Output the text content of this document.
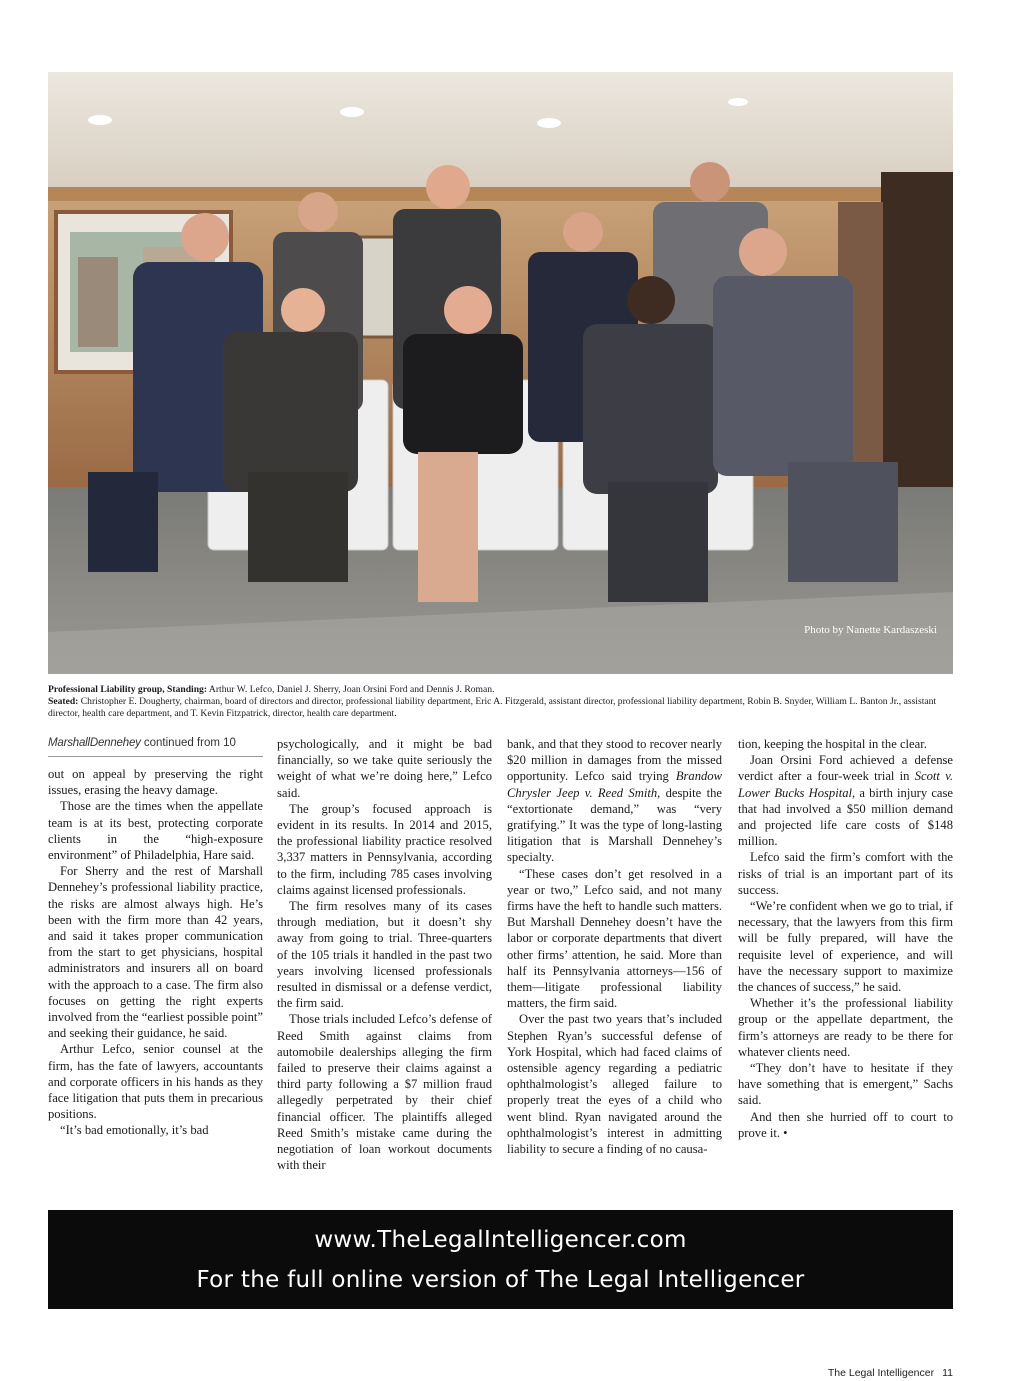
Photo by Nanette Kardaszeski

Professional Liability group, Standing: Arthur W. Lefco, Daniel J. Sherry, Joan Orsini Ford and Dennis J. Roman.

Seated: Christopher E. Dougherty, chairman, board of directors and director, professional liability department, Eric A. Fitzgerald, assistant director, professional liability department, Robin B. Snyder, William L. Banton Jr., assistant director, health care department, and T. Kevin Fitzpatrick, director, health care department.

MarshallDennehey continued from 10

out on appeal by preserving the right issues, erasing the heavy damage.

Those are the times when the appellate team is at its best, protecting corporate clients in the “high-exposure environment” of Philadelphia, Hare said.

For Sherry and the rest of Marshall Dennehey’s professional liability practice, the risks are almost always high. He’s been with the firm more than 42 years, and said it takes proper communication from the start to get physicians, hospital administrators and insurers all on board with the approach to a case. The firm also focuses on getting the right experts involved from the “earliest possible point” and seeking their guidance, he said.

Arthur Lefco, senior counsel at the firm, has the fate of lawyers, accountants and corporate officers in his hands as they face litigation that puts them in precarious positions.

“It’s bad emotionally, it’s bad

psychologically, and it might be bad financially, so we take quite seriously the weight of what we’re doing here,” Lefco said.

The group’s focused approach is evident in its results. In 2014 and 2015, the professional liability practice resolved 3,337 matters in Pennsylvania, according to the firm, including 785 cases involving claims against licensed professionals.

The firm resolves many of its cases through mediation, but it doesn’t shy away from going to trial. Three-quarters of the 105 trials it handled in the past two years involving licensed professionals resulted in dismissal or a defense verdict, the firm said.

Those trials included Lefco’s defense of Reed Smith against claims from automobile dealerships alleging the firm failed to preserve their claims against a third party following a $7 million fraud allegedly perpetrated by their chief financial officer. The plaintiffs alleged Reed Smith’s mistake came during the negotiation of loan workout documents with their

bank, and that they stood to recover nearly $20 million in damages from the missed opportunity. Lefco said trying Brandow Chrysler Jeep v. Reed Smith, despite the “extortionate demand,” was “very gratifying.” It was the type of long-lasting litigation that is Marshall Dennehey’s specialty.

“These cases don’t get resolved in a year or two,” Lefco said, and not many firms have the heft to handle such matters. But Marshall Dennehey doesn’t have the labor or corporate departments that divert other firms’ attention, he said. More than half its Pennsylvania attorneys—156 of them—litigate professional liability matters, the firm said.

Over the past two years that’s included Stephen Ryan’s successful defense of York Hospital, which had faced claims of ostensible agency regarding a pediatric ophthalmologist’s alleged failure to properly treat the eyes of a child who went blind. Ryan navigated around the ophthalmologist’s interest in admitting liability to secure a finding of no causa-

tion, keeping the hospital in the clear.

Joan Orsini Ford achieved a defense verdict after a four-week trial in Scott v. Lower Bucks Hospital, a birth injury case that had involved a $50 million demand and projected life care costs of $148 million.

Lefco said the firm’s comfort with the risks of trial is an important part of its success.

“We’re confident when we go to trial, if necessary, that the lawyers from this firm will be fully prepared, will have the requisite level of experience, and will have the necessary support to maximize the chances of success,” he said.

Whether it’s the professional liability group or the appellate department, the firm’s attorneys are ready to be there for whatever clients need.

“They don’t have to hesitate if they have something that is emergent,” Sachs said.

And then she hurried off to court to prove it. •

www.TheLegalIntelligencer.com
For the full online version of The Legal Intelligencer
The Legal Intelligencer 11
